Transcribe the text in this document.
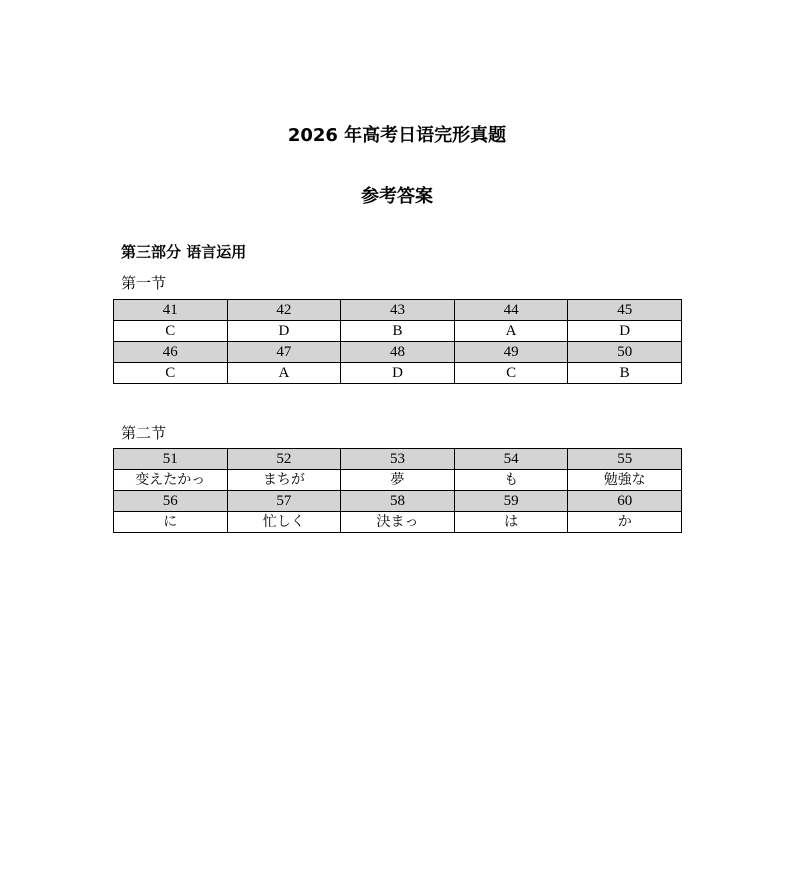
2026 年高考日语完形真题
参考答案
第三部分 语言运用
第一节
41	42	43	44	45
C	D	B	A	D
46	47	48	49	50
C	A	D	C	B
第二节
51	52	53	54	55
变えたかっ	まちが	夢	も	勉強な
56	57	58	59	60
に	忙しく	決まっ	は	か
